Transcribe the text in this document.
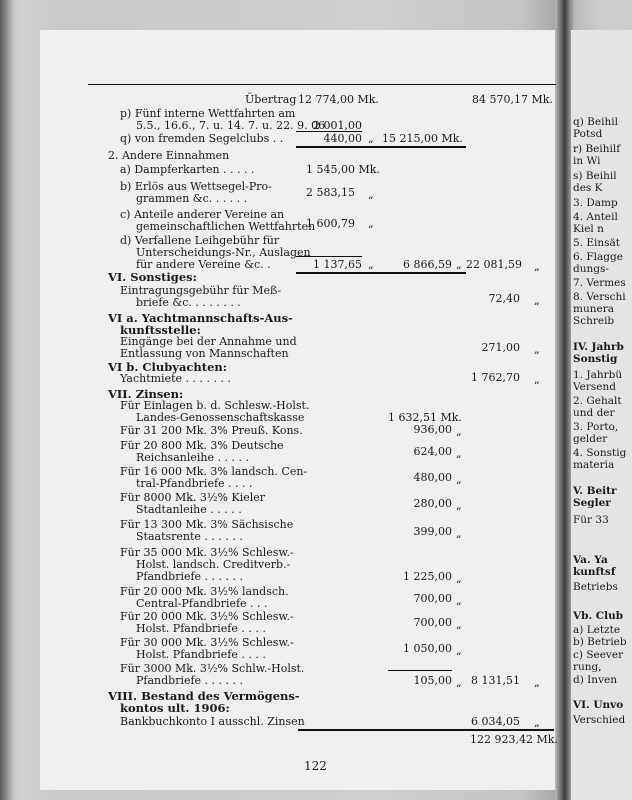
q) Beihil
Potsd
r) Beihilf
in Wi
s) Beihil
des K
3. Damp
4. Anteil
Kiel n
5. Einsät
6. Flagge
dungs-
7. Vermes
8. Verschi
munera
Schreib
IV. Jahrb
Sonstig
1. Jahrbü
Versend
2. Gehalt
und der
3. Porto,
gelder
4. Sonstig
materia
V. Beitr
Segler
Für 33
Va. Ya
kunftsf
Betriebs
Vb. Club
a) Letzte
b) Betrieb
c) Seever
rung,
d) Inven
VI. Unvo
Verschied
Übertrag 12 774,00 Mk.	84 570,17 Mk.
p) Fünf interne Wettfahrten am
5.5., 16.6., 7. u. 14. 7. u. 22. 9. 06
2 001,00
q) von fremden Segelclubs . .	440,00 „ 15 215,00 Mk.
2. Andere Einnahmen
a) Dampferkarten . . . . .	1 545,00 Mk.
b) Erlös aus Wettsegel-Pro-
grammen &c. . . . . .	2 583,15 „
c) Anteile anderer Vereine an
gemeinschaftlichen Wettfahrten
1 600,79 „
d) Verfallene Leihgebühr für
Unterscheidungs-Nr., Auslagen
für andere Vereine &c. .	1 137,65 „	6 866,59 „ 22 081,59 „
VI. Sonstiges:
Eintragungsgebühr für Meß-
briefe &c. . . . . . . .	72,40 „
VI a. Yachtmannschafts-Aus-
kunftsstelle:
Eingänge bei der Annahme und
Entlassung von Mannschaften	271,00 „
VI b. Clubyachten:
Yachtmiete . . . . . . .	1 762,70 „
VII. Zinsen:
Für Einlagen b. d. Schlesw.-Holst.
Landes-Genossenschaftskasse	1 632,51 Mk.
Für 31 200 Mk. 3% Preuß. Kons.	936,00 „
Für 20 800 Mk. 3% Deutsche
Reichsanleihe . . . . .	624,00 „
Für 16 000 Mk. 3% landsch. Cen-
tral-Pfandbriefe . . . .	480,00 „
Für 8000 Mk. 3½% Kieler
Stadtanleihe . . . . .	280,00 „
Für 13 300 Mk. 3% Sächsische
Staatsrente . . . . . .	399,00 „
Für 35 000 Mk. 3½% Schlesw.-
Holst. landsch. Creditverb.-
Pfandbriefe . . . . . .	1 225,00 „
Für 20 000 Mk. 3½% landsch.
Central-Pfandbriefe . . .	700,00 „
Für 20 000 Mk. 3½% Schlesw.-
Holst. Pfandbriefe . . . .	700,00 „
Für 30 000 Mk. 3½% Schlesw.-
Holst. Pfandbriefe . . . .	1 050,00 „
Für 3000 Mk. 3½% Schlw.-Holst.
Pfandbriefe . . . . . .	105,00 „ 8 131,51 „
VIII. Bestand des Vermögens-
kontos ult. 1906:
Bankbuchkonto I ausschl. Zinsen	6 034,05 „
122 923,42 Mk.
122
